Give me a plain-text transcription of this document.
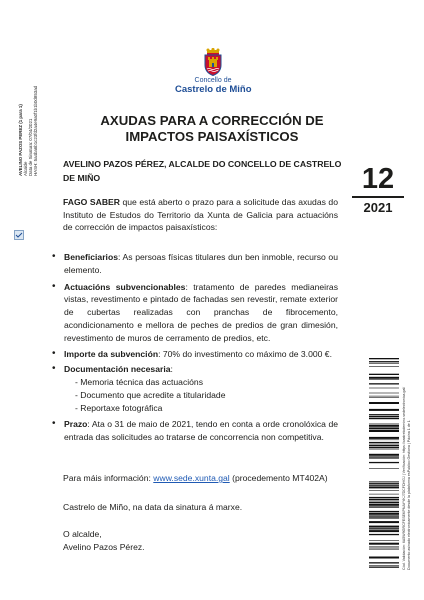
Concello de
Castrelo de Miño
AXUDAS PARA A CORRECCIÓN DE
IMPACTOS PAISAXÍSTICOS
AVELINO PAZOS PÉREZ, ALCALDE DO CONCELLO DE CASTRELO DE MIÑO
FAGO SABER que está aberto o prazo para a solicitude das axudas do Instituto de Estudos do Territorio da Xunta de Galicia para actuacións de corrección de impactos paisaxísticos:
• Beneficiarios: As persoas físicas titulares dun ben inmoble, recurso ou elemento.
• Actuacións subvencionables: tratamento de paredes medianeiras vistas, revestimento e pintado de fachadas sen revestir, remate exterior de cubertas realizadas con pranchas de fibrocemento, acondicionamento e mellora de peches de predios de gran dimesión, revestimento de muros de cerramento de predios, etc.
• Importe da subvención: 70% do investimento co máximo de 3.000 €.
• Documentación necesaria:
- Memoria técnica das actuacións
- Documento que acredite a titularidade
- Reportaxe fotográfica
• Prazo: Ata o 31 de maio de 2021, tendo en conta a orde cronolóxica de entrada das solicitudes ao tratarse de concorrencia non competitiva.
Para máis información: www.sede.xunta.gal (procedemento MT402A)
Castrelo de Miño, na data da sinatura á marxe.
O alcalde,
Avelino Pazos Pérez.
12
2021
AVELINO PAZOS PEREZ (1 para 1) Alcalde Data de Sinatura: 07/04/2021 HASH: 5a4ba6b1c23fd2a4e9a0f1b1b0d853ad
Cód. Validación: 6A5W9GRCFESEKPNAYYKJ7DCFDHGJ | Verificación: https://castrelodemino.sedelectronica.gal/ Documento asinado electronicamente desde la plataforma esPublico Gestiona | Páxina 1 de 1
